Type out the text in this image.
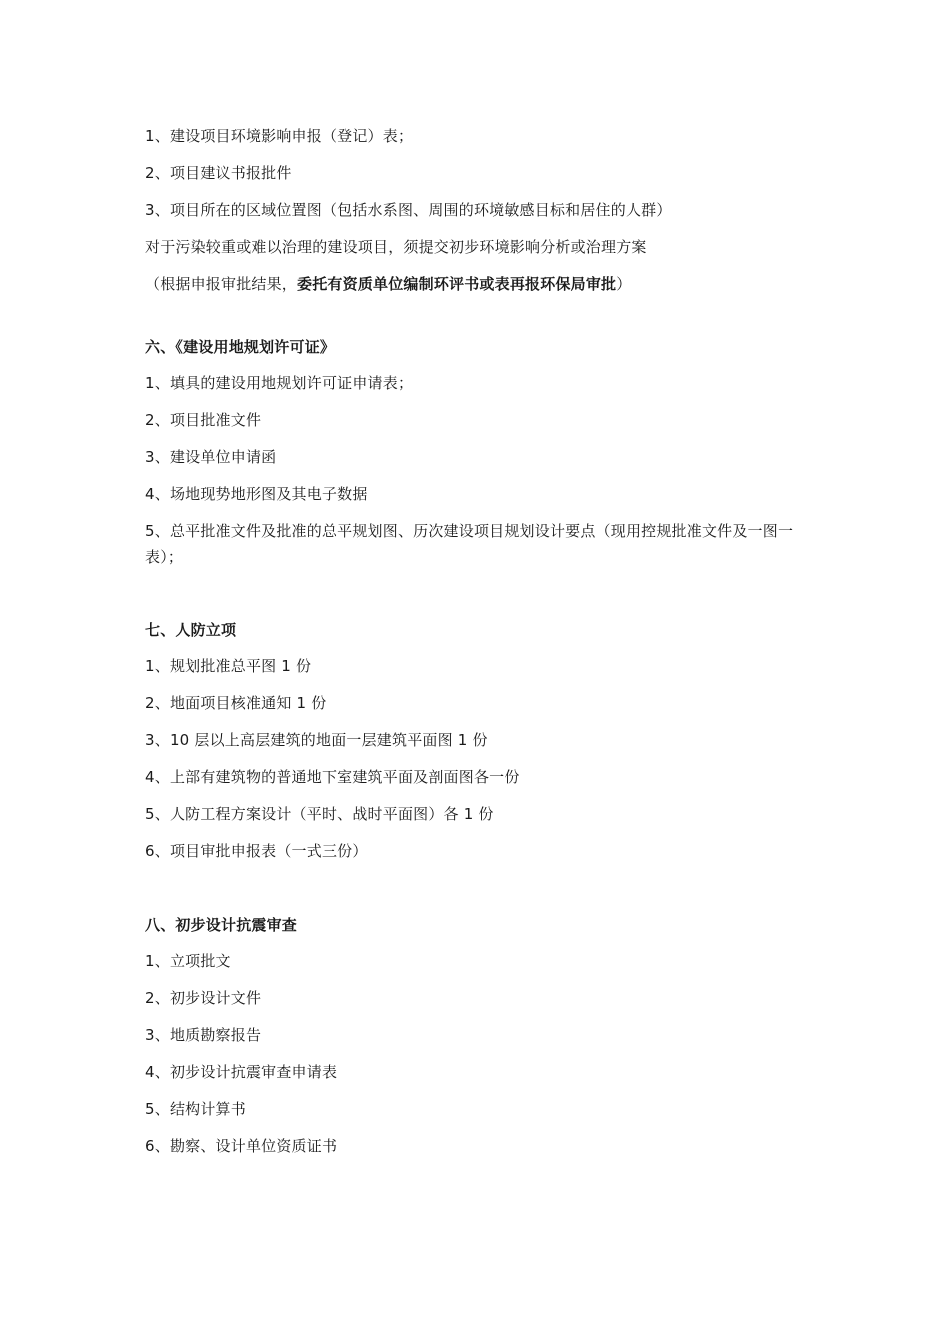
1、建设项目环境影响申报（登记）表；
2、项目建议书报批件
3、项目所在的区域位置图（包括水系图、周围的环境敏感目标和居住的人群）
对于污染较重或难以治理的建设项目，须提交初步环境影响分析或治理方案
（根据申报审批结果，委托有资质单位编制环评书或表再报环保局审批）
六、《建设用地规划许可证》
1、填具的建设用地规划许可证申请表；
2、项目批准文件
3、建设单位申请函
4、场地现势地形图及其电子数据
5、总平批准文件及批准的总平规划图、历次建设项目规划设计要点（现用控规批准文件及一图一表）；
七、人防立项
1、规划批准总平图 1 份
2、地面项目核准通知 1 份
3、10 层以上高层建筑的地面一层建筑平面图 1 份
4、上部有建筑物的普通地下室建筑平面及剖面图各一份
5、人防工程方案设计（平时、战时平面图）各 1 份
6、项目审批申报表（一式三份）
八、初步设计抗震审查
1、立项批文
2、初步设计文件
3、地质勘察报告
4、初步设计抗震审查申请表
5、结构计算书
6、勘察、设计单位资质证书
